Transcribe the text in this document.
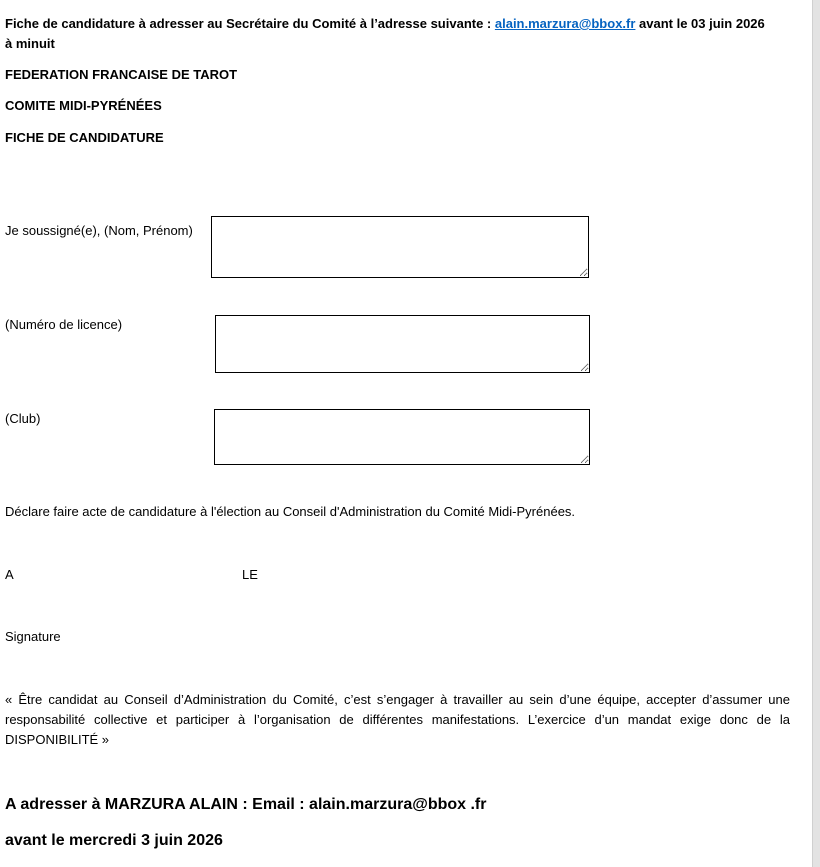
Fiche de candidature à adresser au Secrétaire du Comité à l’adresse suivante : alain.marzura@bbox.fr avant le 03 juin 2026
à minuit
FEDERATION FRANCAISE DE TAROT
COMITE MIDI-PYRÉNÉES
FICHE DE CANDIDATURE
Je soussigné(e), (Nom, Prénom)
(Numéro de licence)
(Club)
Déclare faire acte de candidature à l'élection au Conseil d'Administration du Comité Midi-Pyrénées.
A	LE
Signature
« Être candidat au Conseil d’Administration du Comité, c’est s’engager à travailler au sein d’une équipe, accepter d’assumer une responsabilité collective et participer à l’organisation de différentes manifestations. L’exercice d’un mandat exige donc de la DISPONIBILITÉ »
A adresser à MARZURA ALAIN : Email : alain.marzura@bbox .fr
avant le mercredi 3 juin 2026
